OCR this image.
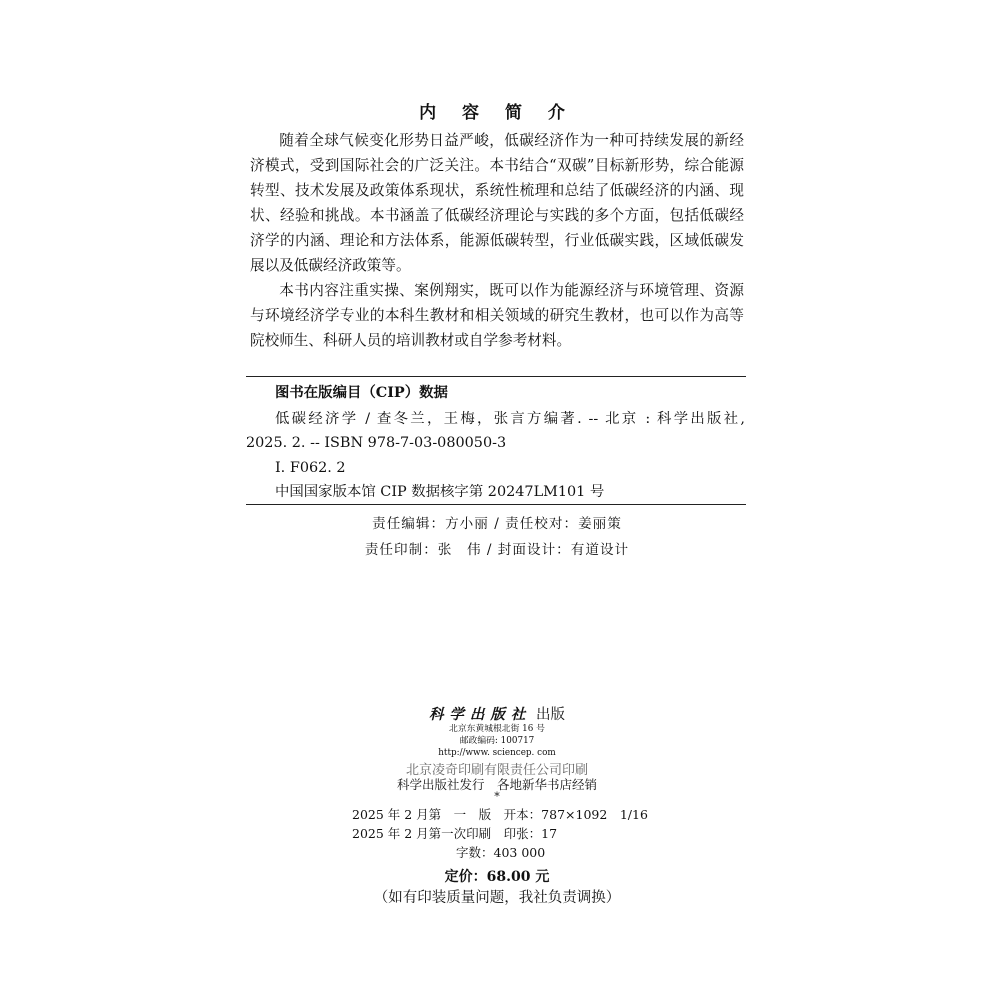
内 容 简 介

随着全球气候变化形势日益严峻，低碳经济作为一种可持续发展的新经济模式，受到国际社会的广泛关注。本书结合“双碳”目标新形势，综合能源转型、技术发展及政策体系现状，系统性梳理和总结了低碳经济的内涵、现状、经验和挑战。本书涵盖了低碳经济理论与实践的多个方面，包括低碳经济学的内涵、理论和方法体系，能源低碳转型，行业低碳实践，区域低碳发展以及低碳经济政策等。

本书内容注重实操、案例翔实，既可以作为能源经济与环境管理、资源与环境经济学专业的本科生教材和相关领域的研究生教材，也可以作为高等院校师生、科研人员的培训教材或自学参考材料。

图书在版编目（CIP）数据
低碳经济学 / 查冬兰，王梅，张言方编著. -- 北京 : 科学出版社,
2025. 2. -- ISBN 978-7-03-080050-3
Ⅰ. F062. 2
中国国家版本馆 CIP 数据核字第 20247LM101 号
责任编辑：方小丽 / 责任校对：姜丽策
责任印制：张　伟 / 封面设计：有道设计
科学出版社 出版
北京东黄城根北街 16 号
邮政编码: 100717
http://www. sciencep. com
北京凌奇印刷有限责任公司印刷
科学出版社发行　各地新华书店经销
*
2025 年 2 月第　一　版　开本：787×1092　1/16
2025 年 2 月第一次印刷　印张：17
字数：403 000
定价：68.00 元
（如有印装质量问题，我社负责调换）
